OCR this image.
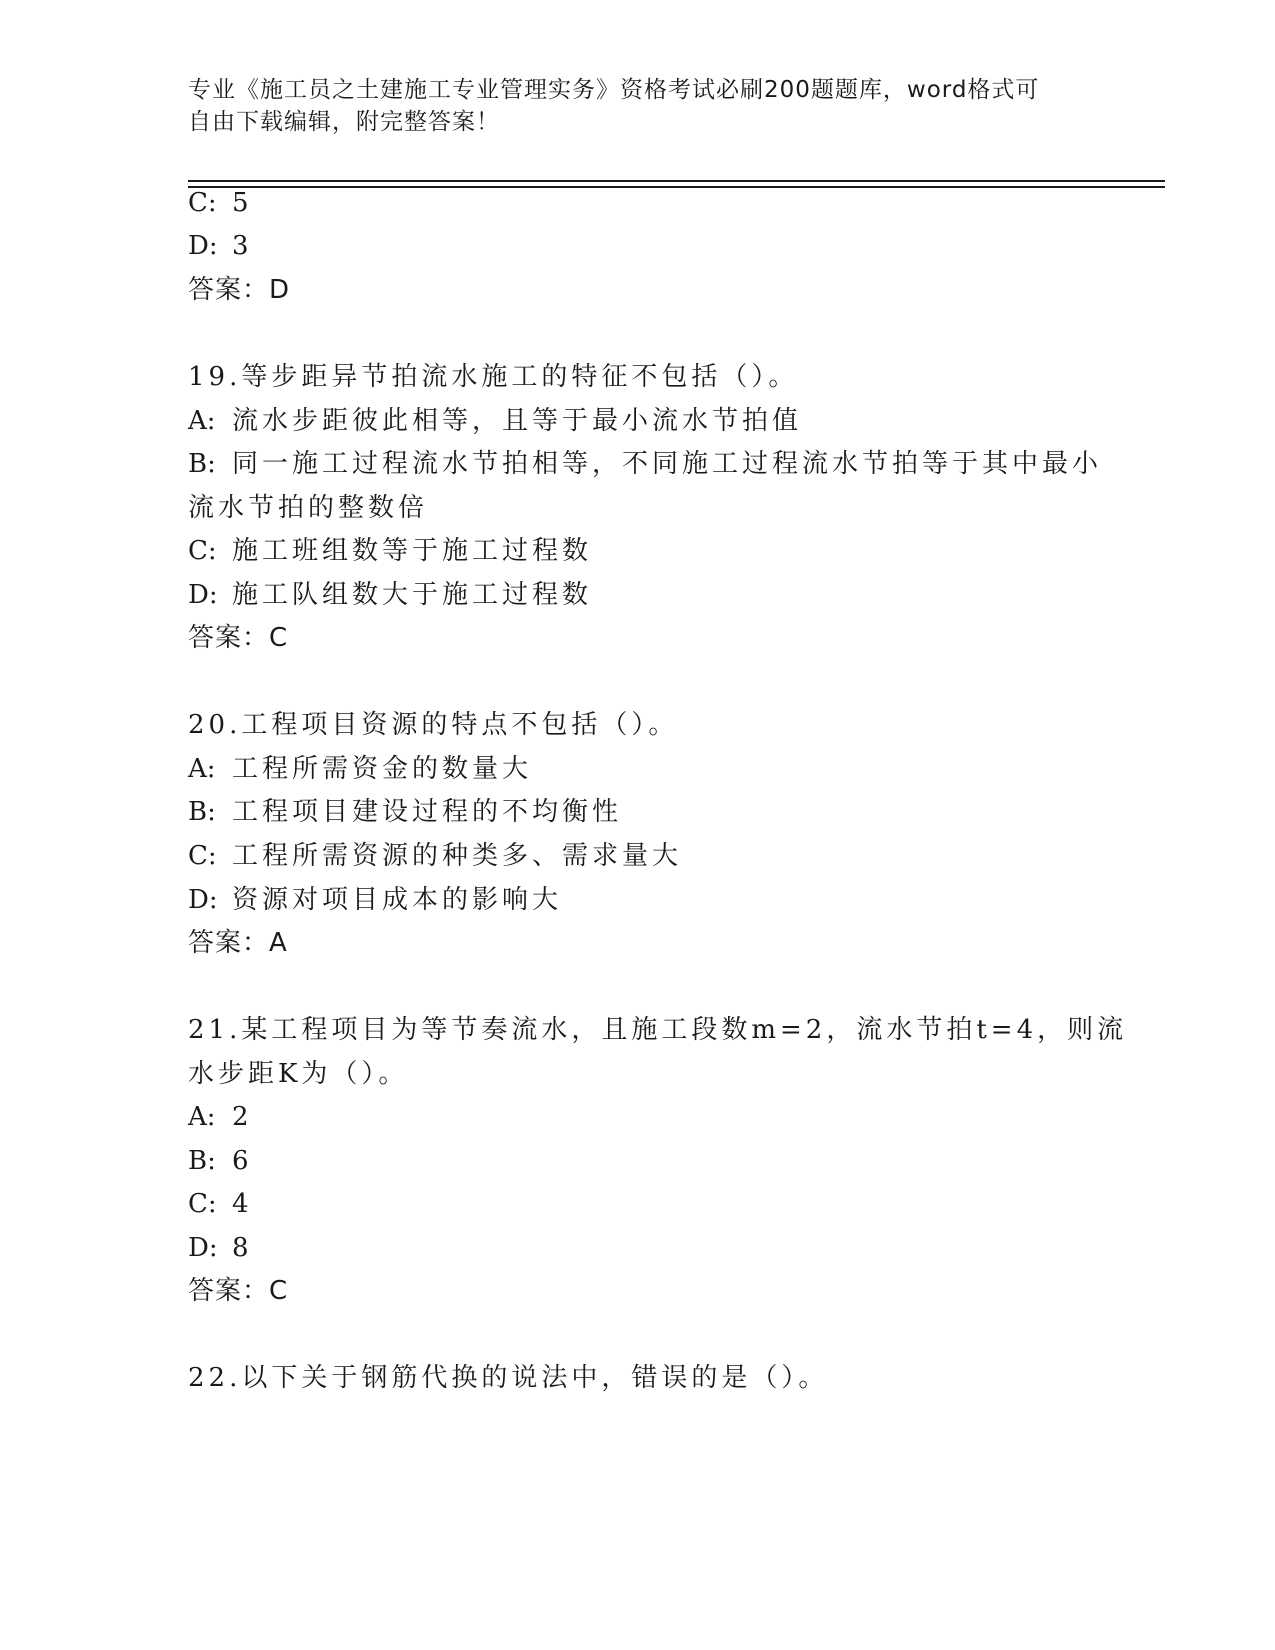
专业《施工员之土建施工专业管理实务》资格考试必刷200题题库，word格式可
自由下载编辑，附完整答案！
C: 5
D: 3
答案：D
19.等步距异节拍流水施工的特征不包括（）。
A: 流水步距彼此相等，且等于最小流水节拍值
B: 同一施工过程流水节拍相等，不同施工过程流水节拍等于其中最小
流水节拍的整数倍
C: 施工班组数等于施工过程数
D: 施工队组数大于施工过程数
答案：C
20.工程项目资源的特点不包括（）。
A: 工程所需资金的数量大
B: 工程项目建设过程的不均衡性
C: 工程所需资源的种类多、需求量大
D: 资源对项目成本的影响大
答案：A
21.某工程项目为等节奏流水，且施工段数m=2，流水节拍t=4，则流
水步距K为（）。
A: 2
B: 6
C: 4
D: 8
答案：C
22.以下关于钢筋代换的说法中，错误的是（）。
